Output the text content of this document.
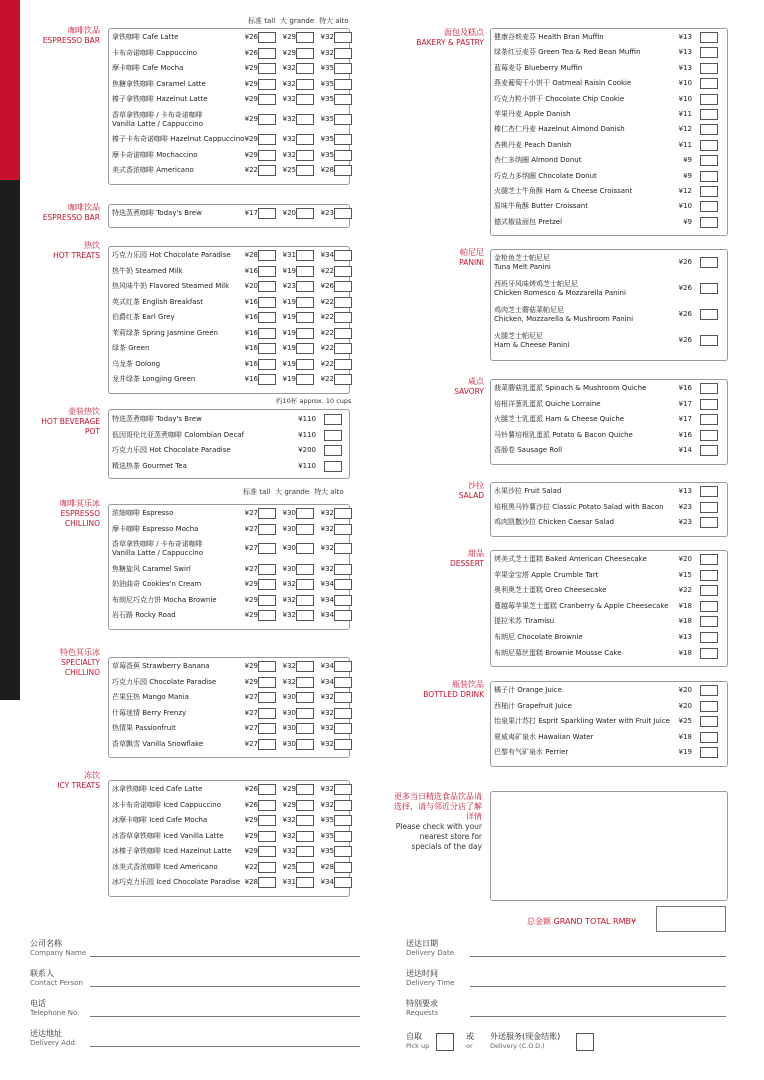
标准 tall 大 grande 特大 alto
标准 tall 大 grande 特大 alto
咖啡饮品
ESPRESSO BAR 拿铁咖啡 Cafe Latte	¥26	¥29	¥32
卡布奇诺咖啡 Cappuccino	¥26	¥29	¥32
摩卡咖啡 Cafe Mocha	¥29	¥32	¥35
焦糖拿铁咖啡 Caramel Latte	¥29	¥32	¥35
榛子拿铁咖啡 Hazelnut Latte	¥29	¥32	¥35
香草拿铁咖啡 / 卡布奇诺咖啡
Vanilla Latte / Cappuccino
¥29	¥32	¥35
榛子卡布奇诺咖啡 Hazelnut Cappuccino ¥29	¥32	¥35
摩卡奇诺咖啡 Mochaccino	¥29	¥32	¥35
美式香浓咖啡 Americano	¥22	¥25	¥28
咖啡饮品
ESPRESSO BAR 特选蒸煮咖啡 Today's Brew	¥17	¥20	¥23
热饮
HOT TREATS 巧克力乐园 Hot Chocolate Paradise	¥28	¥31	¥34
热牛奶 Steamed Milk	¥16	¥19	¥22
热风味牛奶 Flavored Steamed Milk	¥20	¥23	¥26
英式红茶 English Breakfast	¥16	¥19	¥22
伯爵红茶 Earl Grey	¥16	¥19	¥22
茉莉绿茶 Spring Jasmine Green	¥16	¥19	¥22
绿茶 Green	¥16	¥19	¥22
乌龙茶 Oolong	¥16	¥19	¥22
龙井绿茶 Longjing Green	¥16	¥19	¥22
咖啡冥乐冰
ESPRESSO CHILLINO
浓缩咖啡 Espresso	¥27	¥30	¥32
摩卡咖啡 Espresso Mocha	¥27	¥30	¥32
香草拿铁咖啡 / 卡布奇诺咖啡
Vanilla Latte / Cappuccino
¥27	¥30	¥32
焦糖旋风 Caramel Swirl	¥27	¥30	¥32
奶油曲奇 Cookies'n Cream	¥29	¥32	¥34
布朗尼巧克力饼 Mocha Brownie	¥29	¥32	¥34
岩石路 Rocky Road	¥29	¥32	¥34
特色冥乐冰
SPECIALTY CHILLINO
草莓香蕉 Strawberry Banana	¥29	¥32	¥34
巧克力乐园 Chocolate Paradise	¥29	¥32	¥34
芒果狂热 Mango Mania	¥27	¥30	¥32
什莓迷情 Berry Frenzy	¥27	¥30	¥32
热情果 Passionfruit	¥27	¥30	¥32
香草飘雪 Vanilla Snowflake	¥27	¥30	¥32
冻饮
ICY TREATS 冰拿铁咖啡 Iced Cafe Latte	¥26	¥29	¥32
冰卡布奇诺咖啡 Iced Cappuccino	¥26	¥29	¥32
冰摩卡咖啡 Iced Cafe Mocha	¥29	¥32	¥35
冰香草拿铁咖啡 Iced Vanilla Latte	¥29	¥32	¥35
冰榛子拿铁咖啡 Iced Hazelnut Latte	¥29	¥32	¥35
冰美式香浓咖啡 Iced Americano	¥22	¥25	¥28
冰巧克力乐园 Iced Chocolate Paradise ¥28	¥31	¥34
壶装热饮
HOT BEVERAGE POT
特选蒸煮咖啡 Today's Brew	¥110
低因哥伦比亚蒸煮咖啡 Colombian Decaf	¥110
巧克力乐园 Hot Chocolate Paradise	¥200
精选热茶 Gourmet Tea	¥110
面包及糕点
BAKERY & PASTRY
健康谷麸麦芬 Health Bran Muffin	¥13
绿茶红豆麦芬 Green Tea & Red Bean Muffin	¥13
蓝莓麦芬 Blueberry Muffin	¥13
燕麦葡萄干小饼干 Oatmeal Raisin Cookie	¥10
巧克力粒小饼干 Chocolate Chip Cookie	¥10
苹果丹麦 Apple Danish	¥11
榛仁杏仁丹麦 Hazelnut Almond Danish	¥12
杏桃丹麦 Peach Danish	¥11
杏仁多纳圈 Almond Donut	¥9
巧克力多纳圈 Chocolate Donut	¥9
火腿芝士牛角酥 Ham & Cheese Croissant	¥12
原味牛角酥 Butter Croissant	¥10
德式椒盐面包 Pretzel	¥9
帕尼尼
PANINI 金枪鱼芝士帕尼尼
Tuna Melt Panini
¥26
西班牙风味烤鸡芝士帕尼尼
Chicken Romesco & Mozzarella Panini
¥26
鸡肉芝士蘑菇菜帕尼尼
Chicken, Mozzarella & Mushroom Panini
¥26
火腿芝士帕尼尼
Ham & Cheese Panini
¥26
咸点
SAVORY 菠菜蘑菇乳蛋派 Spinach & Mushroom Quiche	¥16
培根洋葱乳蛋派 Quiche Lorraine	¥17
火腿芝士乳蛋派 Ham & Cheese Quiche	¥17
马铃薯培根乳蛋派 Potato & Bacon Quiche	¥16
香肠卷 Sausage Roll	¥14
沙拉
SALAD 水果沙拉 Fruit Salad	¥13
培根黑马铃薯沙拉 Classic Potato Salad with Bacon	¥23
鸡肉凯撒沙拉 Chicken Caesar Salad	¥23
甜品
DESSERT 烤美式芝士蛋糕 Baked American Cheesecake	¥20
苹果金宝塔 Apple Crumble Tart	¥15
奥利奥芝士蛋糕 Oreo Cheesecake	¥22
蔓越莓苹果芝士蛋糕 Cranberry & Apple Cheesecake	¥18
提拉米苏 Tiramisu	¥18
布朗尼 Chocolate Brownie	¥13
布朗尼慕丝蛋糕 Brownie Mousse Cake	¥18
瓶装饮品
BOTTLED DRINK 橘子汁 Orange Juice	¥20
西柚汁 Grapefruit Juice	¥20
怡泉果汁苏打 Esprit Sparkling Water with Fruit Juice	¥25
夏威夷矿泉水 Hawaiian Water	¥18
巴黎有气矿泉水 Perrier	¥19
约10杯 approx. 10 cups
更多当日精选食品饮品请选择，请与邻近分店了解详情
Please check with your nearest store for specials of the day
总金额 GRAND TOTAL RMB¥
公司名称
Company Name
联系人
Contact Person
电话
Telephone No.
送达地址
Delivery Add.
送达日期
Delivery Date
送达时间
Delivery Time
特别要求
Requests
自取
Pick up
或
or
外送服务(现金结账)
Delivery (C.O.D.)
